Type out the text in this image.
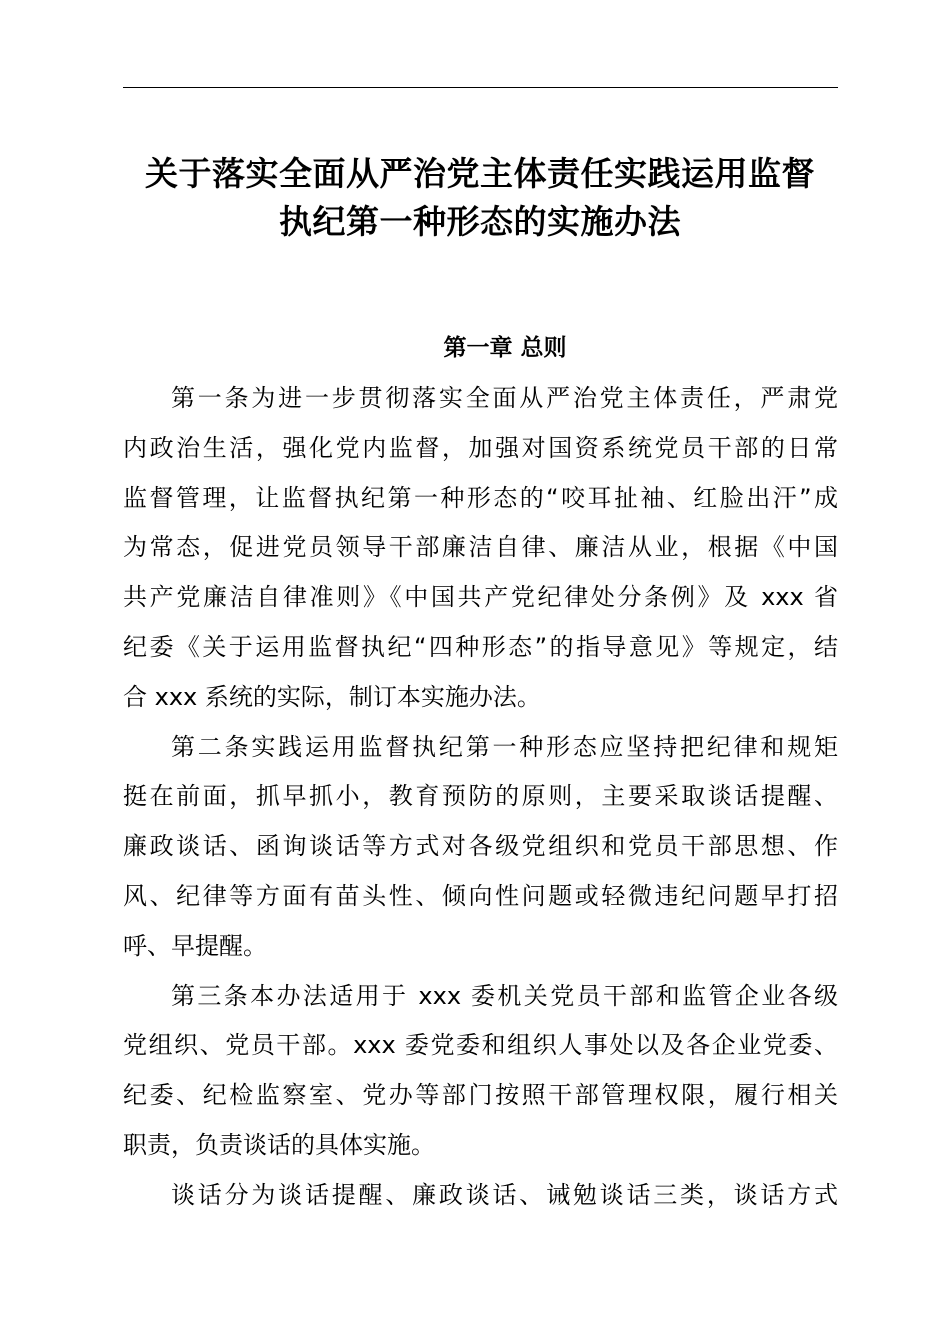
关于落实全面从严治党主体责任实践运用监督
执纪第一种形态的实施办法
第一章 总则
第一条为进一步贯彻落实全面从严治党主体责任，严肃党
内政治生活，强化党内监督，加强对国资系统党员干部的日常
监督管理，让监督执纪第一种形态的“咬耳扯袖、红脸出汗”成
为常态，促进党员领导干部廉洁自律、廉洁从业，根据《中国
共产党廉洁自律准则》《中国共产党纪律处分条例》及 xxx 省
纪委《关于运用监督执纪“四种形态”的指导意见》等规定，结
合 xxx 系统的实际，制订本实施办法。
第二条实践运用监督执纪第一种形态应坚持把纪律和规矩
挺在前面，抓早抓小，教育预防的原则，主要采取谈话提醒、
廉政谈话、函询谈话等方式对各级党组织和党员干部思想、作
风、纪律等方面有苗头性、倾向性问题或轻微违纪问题早打招
呼、早提醒。
第三条本办法适用于 xxx 委机关党员干部和监管企业各级
党组织、党员干部。xxx 委党委和组织人事处以及各企业党委、
纪委、纪检监察室、党办等部门按照干部管理权限，履行相关
职责，负责谈话的具体实施。
谈话分为谈话提醒、廉政谈话、诫勉谈话三类，谈话方式
